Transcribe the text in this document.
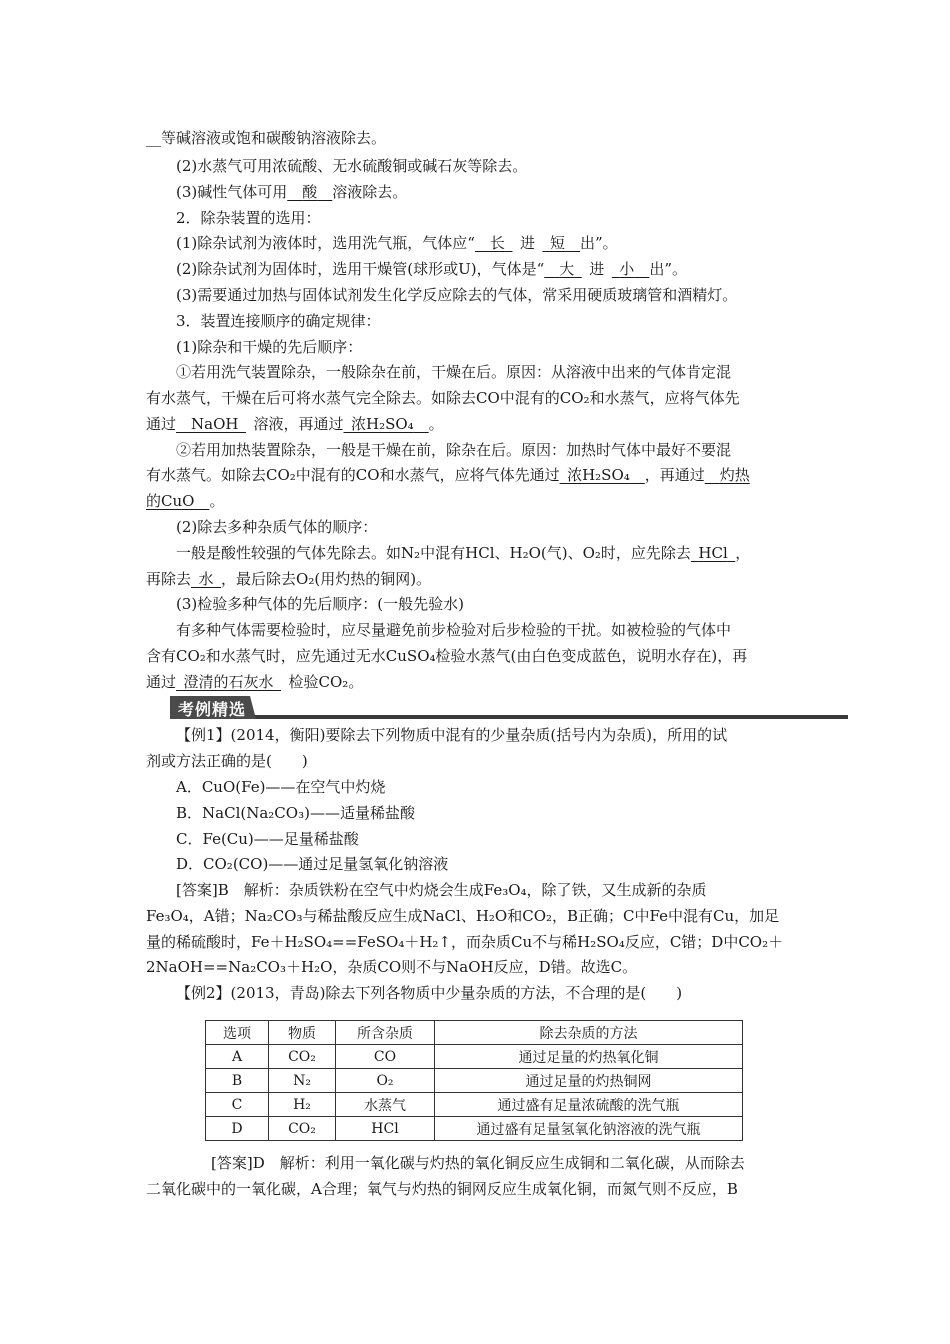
__等碱溶液或饱和碳酸钠溶液除去。
(2)水蒸气可用浓硫酸、无水硫酸铜或碱石灰等除去。
(3)碱性气体可用  酸  溶液除去。
2．除杂装置的选用：
(1)除杂试剂为液体时，选用洗气瓶，气体应“  长   进   短  出”。
(2)除杂试剂为固体时，选用干燥管(球形或U)，气体是“  大   进   小  出”。
(3)需要通过加热与固体试剂发生化学反应除去的气体，常采用硬质玻璃管和酒精灯。
3．装置连接顺序的确定规律：
(1)除杂和干燥的先后顺序：
①若用洗气装置除杂，一般除杂在前，干燥在后。原因：从溶液中出来的气体肯定混
有水蒸气，干燥在后可将水蒸气完全除去。如除去CO中混有的CO₂和水蒸气，应将气体先
通过  NaOH   溶液，再通过  浓H₂SO₄  。
②若用加热装置除杂，一般是干燥在前，除杂在后。原因：加热时气体中最好不要混
有水蒸气。如除去CO₂中混有的CO和水蒸气，应将气体先通过  浓H₂SO₄  ，再通过  灼热
的CuO  。
(2)除去多种杂质气体的顺序：
一般是酸性较强的气体先除去。如N₂中混有HCl、H₂O(气)、O₂时，应先除去  HCl  ，
再除去  水  ，最后除去O₂(用灼热的铜网)。
(3)检验多种气体的先后顺序：(一般先验水)
有多种气体需要检验时，应尽量避免前步检验对后步检验的干扰。如被检验的气体中
含有CO₂和水蒸气时，应先通过无水CuSO₄检验水蒸气(由白色变成蓝色，说明水存在)，再
通过  澄清的石灰水   检验CO₂。
考例精选
【例1】(2014，衡阳)要除去下列物质中混有的少量杂质(括号内为杂质)，所用的试
剂或方法正确的是(　　)
A．CuO(Fe)——在空气中灼烧
B．NaCl(Na₂CO₃)——适量稀盐酸
C．Fe(Cu)——足量稀盐酸
D．CO₂(CO)——通过足量氢氧化钠溶液
[答案]B　解析：杂质铁粉在空气中灼烧会生成Fe₃O₄，除了铁，又生成新的杂质
Fe₃O₄，A错；Na₂CO₃与稀盐酸反应生成NaCl、H₂O和CO₂，B正确；C中Fe中混有Cu，加足
量的稀硫酸时，Fe＋H₂SO₄==FeSO₄＋H₂↑，而杂质Cu不与稀H₂SO₄反应，C错；D中CO₂＋
2NaOH==Na₂CO₃＋H₂O，杂质CO则不与NaOH反应，D错。故选C。
【例2】(2013，青岛)除去下列各物质中少量杂质的方法，不合理的是(　　)
选项	物质	所含杂质	除去杂质的方法
A	CO₂	CO	通过足量的灼热氧化铜
B	N₂	O₂	通过足量的灼热铜网
C	H₂	水蒸气	通过盛有足量浓硫酸的洗气瓶
D	CO₂	HCl	通过盛有足量氢氧化钠溶液的洗气瓶
[答案]D　解析：利用一氧化碳与灼热的氧化铜反应生成铜和二氧化碳，从而除去
二氧化碳中的一氧化碳，A合理；氧气与灼热的铜网反应生成氧化铜，而氮气则不反应，B
